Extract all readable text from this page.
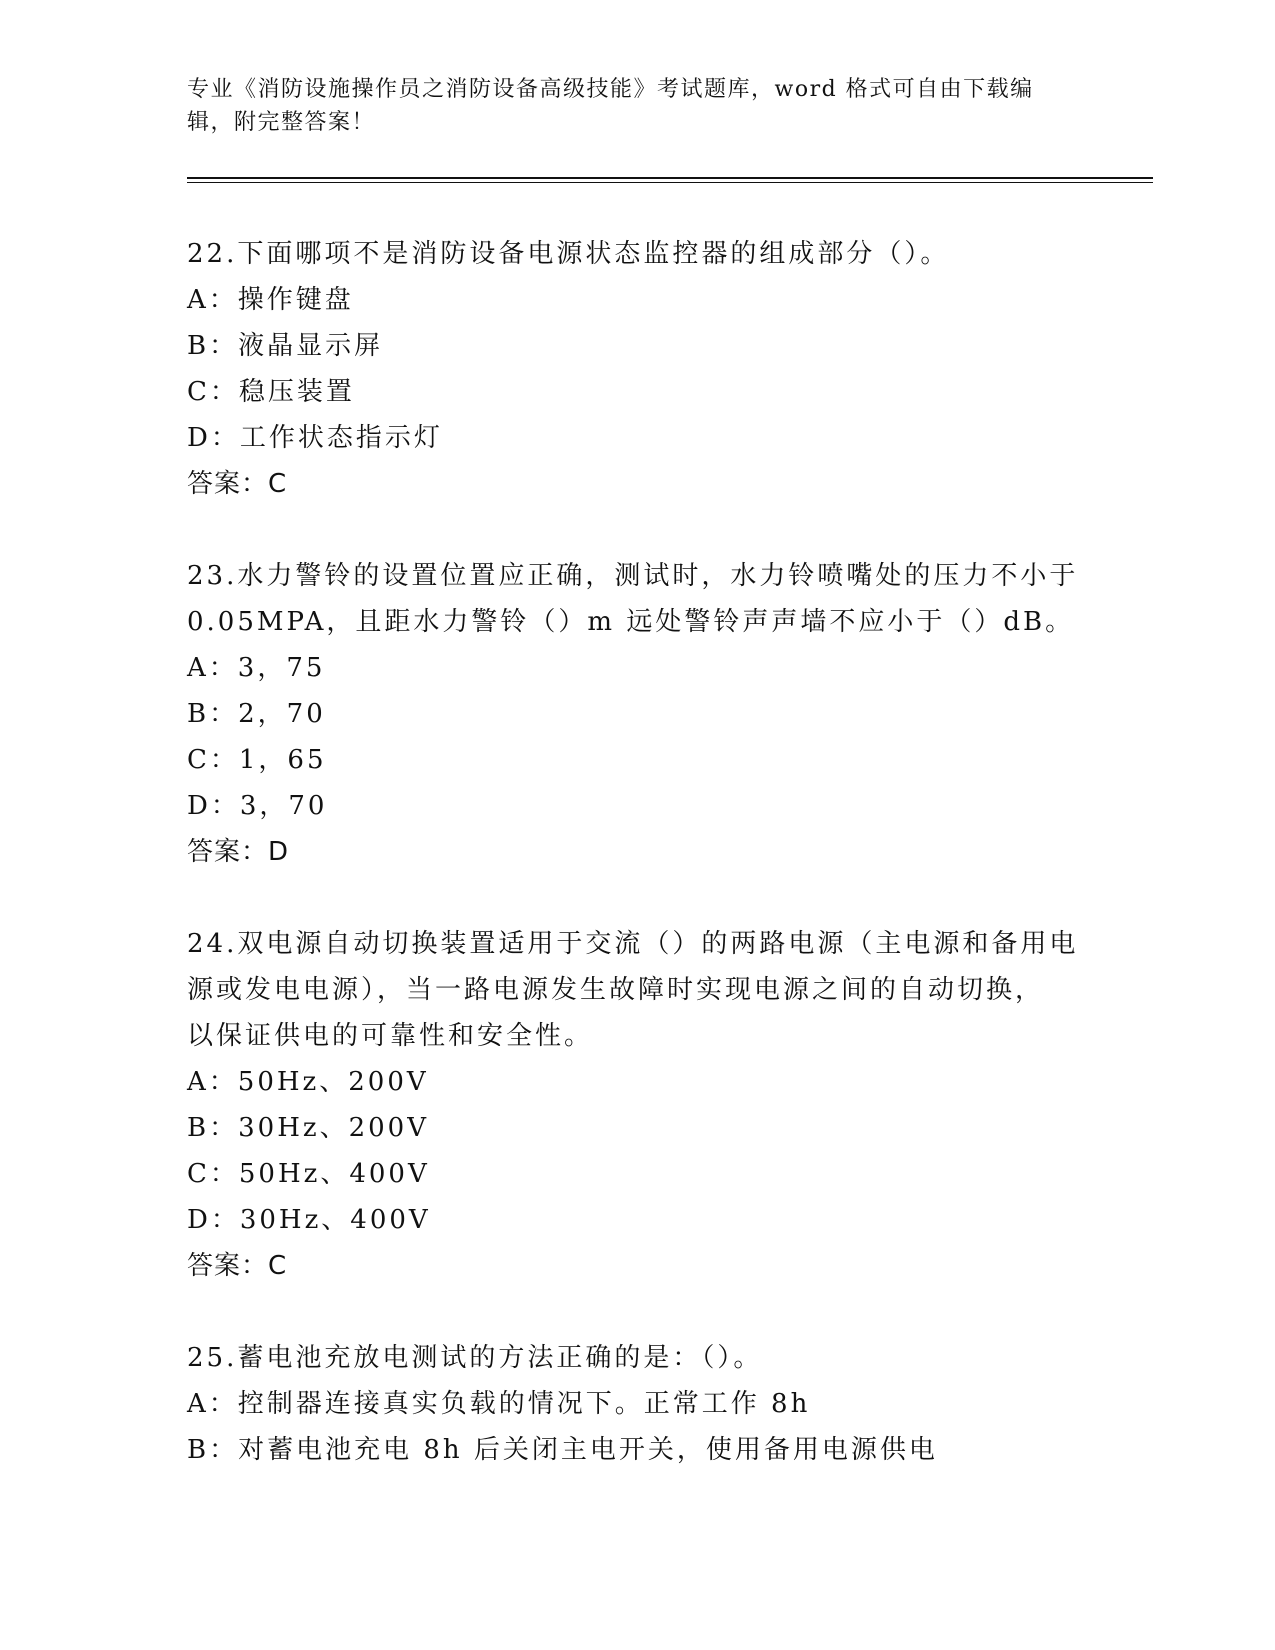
专业《消防设施操作员之消防设备高级技能》考试题库，word 格式可自由下载编
辑，附完整答案！
22.下面哪项不是消防设备电源状态监控器的组成部分（）。
A：操作键盘
B：液晶显示屏
C：稳压装置
D：工作状态指示灯
答案：C
23.水力警铃的设置位置应正确，测试时，水力铃喷嘴处的压力不小于
0.05MPA，且距水力警铃（）m 远处警铃声声墙不应小于（）dB。
A：3，75
B：2，70
C：1，65
D：3，70
答案：D
24.双电源自动切换装置适用于交流（）的两路电源（主电源和备用电
源或发电电源），当一路电源发生故障时实现电源之间的自动切换，
以保证供电的可靠性和安全性。
A：50Hz、200V
B：30Hz、200V
C：50Hz、400V
D：30Hz、400V
答案：C
25.蓄电池充放电测试的方法正确的是：（）。
A：控制器连接真实负载的情况下。正常工作 8h
B：对蓄电池充电 8h 后关闭主电开关，使用备用电源供电
